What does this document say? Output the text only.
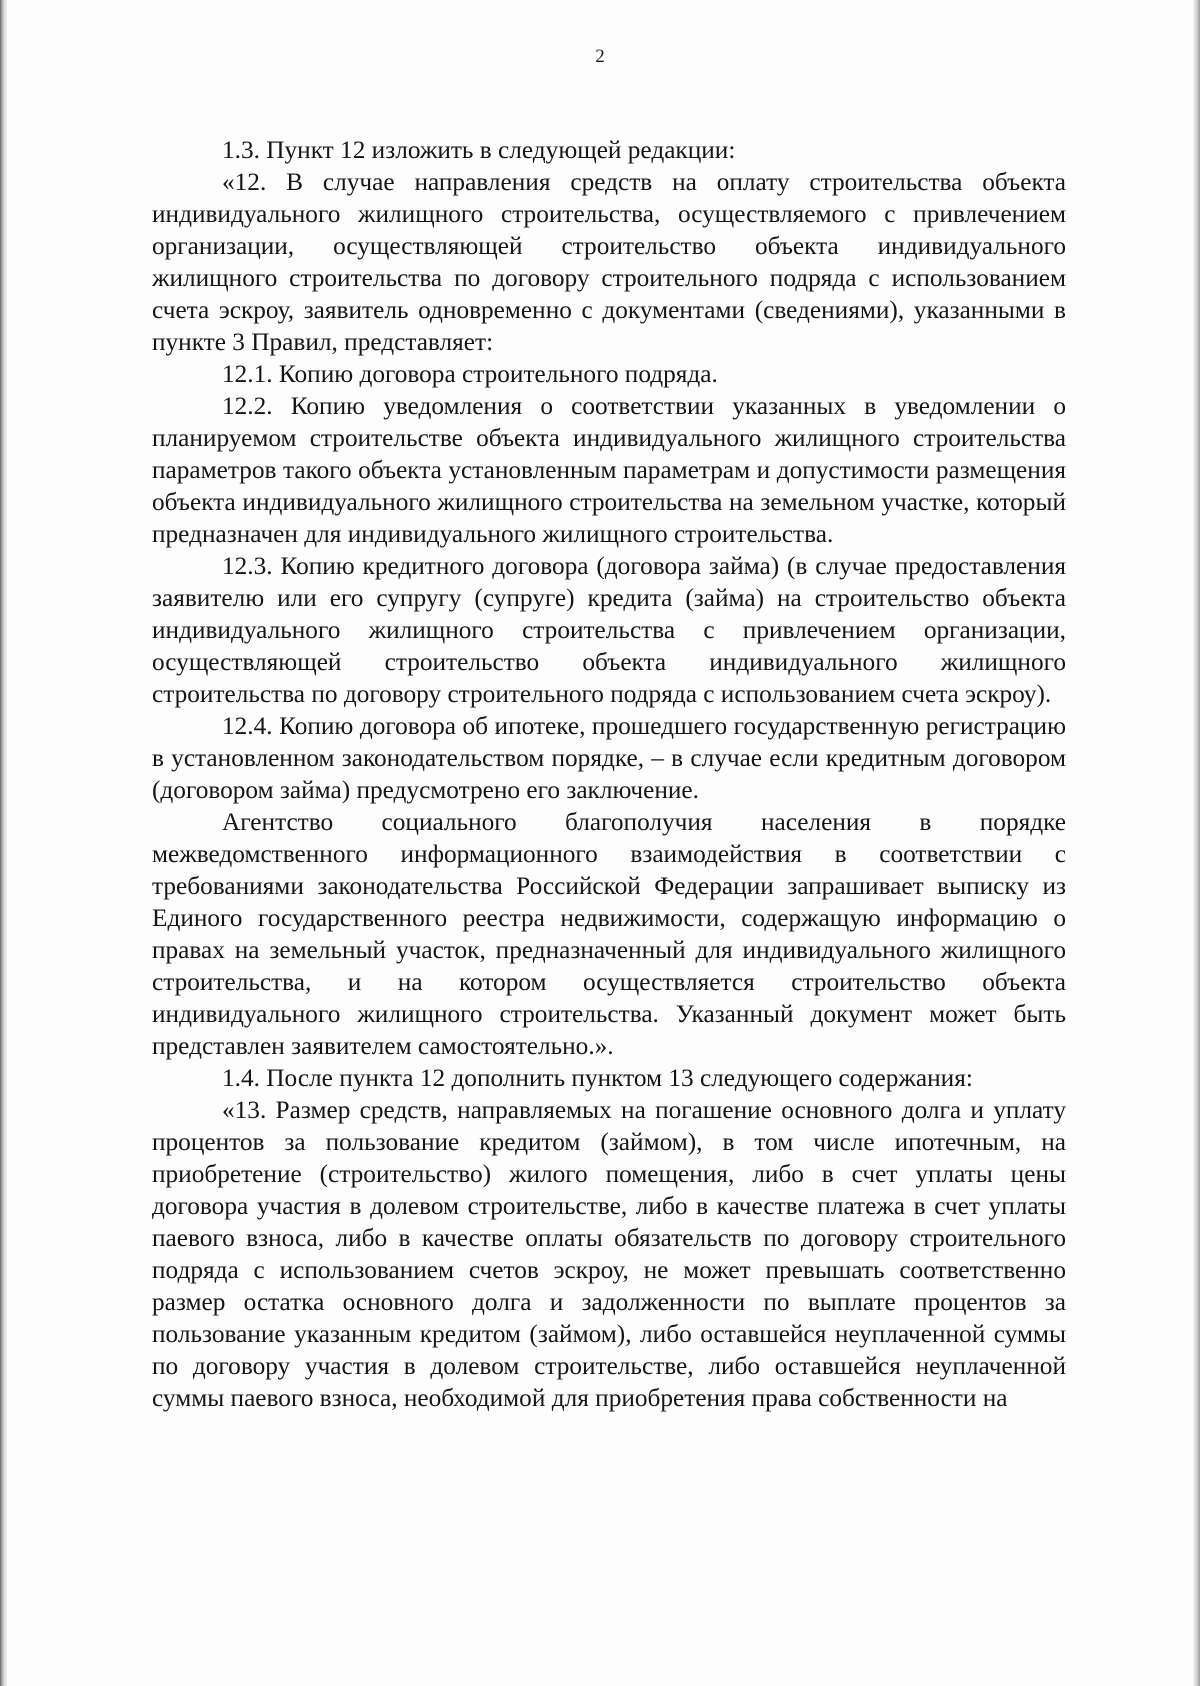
2

1.3. Пункт 12 изложить в следующей редакции:

«12. В случае направления средств на оплату строительства объекта индивидуального жилищного строительства, осуществляемого с привлечением организации, осуществляющей строительство объекта индивидуального жилищного строительства по договору строительного подряда с использованием счета эскроу, заявитель одновременно с документами (сведениями), указанными в пункте 3 Правил, представляет:

12.1. Копию договора строительного подряда.

12.2. Копию уведомления о соответствии указанных в уведомлении о планируемом строительстве объекта индивидуального жилищного строительства параметров такого объекта установленным параметрам и допустимости размещения объекта индивидуального жилищного строительства на земельном участке, который предназначен для индивидуального жилищного строительства.

12.3. Копию кредитного договора (договора займа) (в случае предоставления заявителю или его супругу (супруге) кредита (займа) на строительство объекта индивидуального жилищного строительства с привлечением организации, осуществляющей строительство объекта индивидуального жилищного строительства по договору строительного подряда с использованием счета эскроу).

12.4. Копию договора об ипотеке, прошедшего государственную регистрацию в установленном законодательством порядке, – в случае если кредитным договором (договором займа) предусмотрено его заключение.

Агентство социального благополучия населения в порядке межведомственного информационного взаимодействия в соответствии с требованиями законодательства Российской Федерации запрашивает выписку из Единого государственного реестра недвижимости, содержащую информацию о правах на земельный участок, предназначенный для индивидуального жилищного строительства, и на котором осуществляется строительство объекта индивидуального жилищного строительства. Указанный документ может быть представлен заявителем самостоятельно.».

1.4. После пункта 12 дополнить пунктом 13 следующего содержания:

«13. Размер средств, направляемых на погашение основного долга и уплату процентов за пользование кредитом (займом), в том числе ипотечным, на приобретение (строительство) жилого помещения, либо в счет уплаты цены договора участия в долевом строительстве, либо в качестве платежа в счет уплаты паевого взноса, либо в качестве оплаты обязательств по договору строительного подряда с использованием счетов эскроу, не может превышать соответственно размер остатка основного долга и задолженности по выплате процентов за пользование указанным кредитом (займом), либо оставшейся неуплаченной суммы по договору участия в долевом строительстве, либо оставшейся неуплаченной суммы паевого взноса, необходимой для приобретения права собственности на
